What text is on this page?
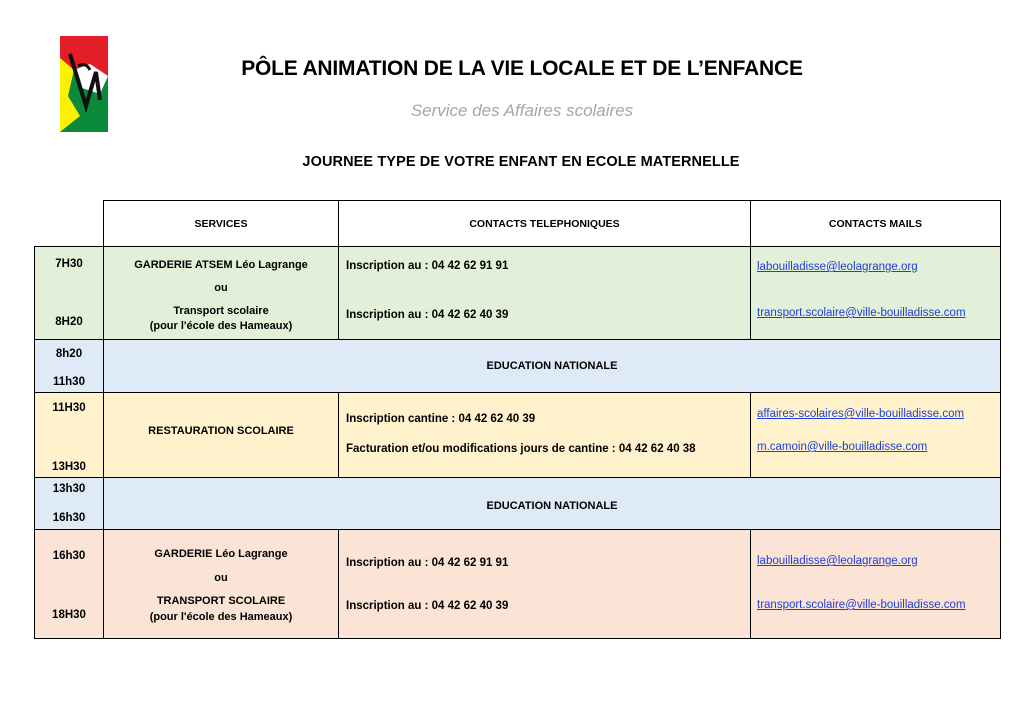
PÔLE ANIMATION DE LA VIE LOCALE ET DE L’ENFANCE
Service des Affaires scolaires
JOURNEE TYPE DE VOTRE ENFANT EN ECOLE MATERNELLE
SERVICES	CONTACTS TELEPHONIQUES	CONTACTS MAILS
7H30
8H20
GARDERIE ATSEM Léo Lagrange
ou
Transport scolaire
(pour l'école des Hameaux)
Inscription au : 04 42 62 91 91
Inscription au : 04 42 62 40 39
labouilladisse@leolagrange.org
transport.scolaire@ville-bouilladisse.com
8h20
11h30
EDUCATION NATIONALE
11H30
13H30
RESTAURATION SCOLAIRE
Inscription cantine : 04 42 62 40 39
Facturation et/ou modifications jours de cantine : 04 42 62 40 38
affaires-scolaires@ville-bouilladisse.com
m.camoin@ville-bouilladisse.com
13h30
16h30
EDUCATION NATIONALE
16h30
18H30
GARDERIE Léo Lagrange
ou
TRANSPORT SCOLAIRE
(pour l'école des Hameaux)
Inscription au : 04 42 62 91 91
Inscription au : 04 42 62 40 39
labouilladisse@leolagrange.org
transport.scolaire@ville-bouilladisse.com
